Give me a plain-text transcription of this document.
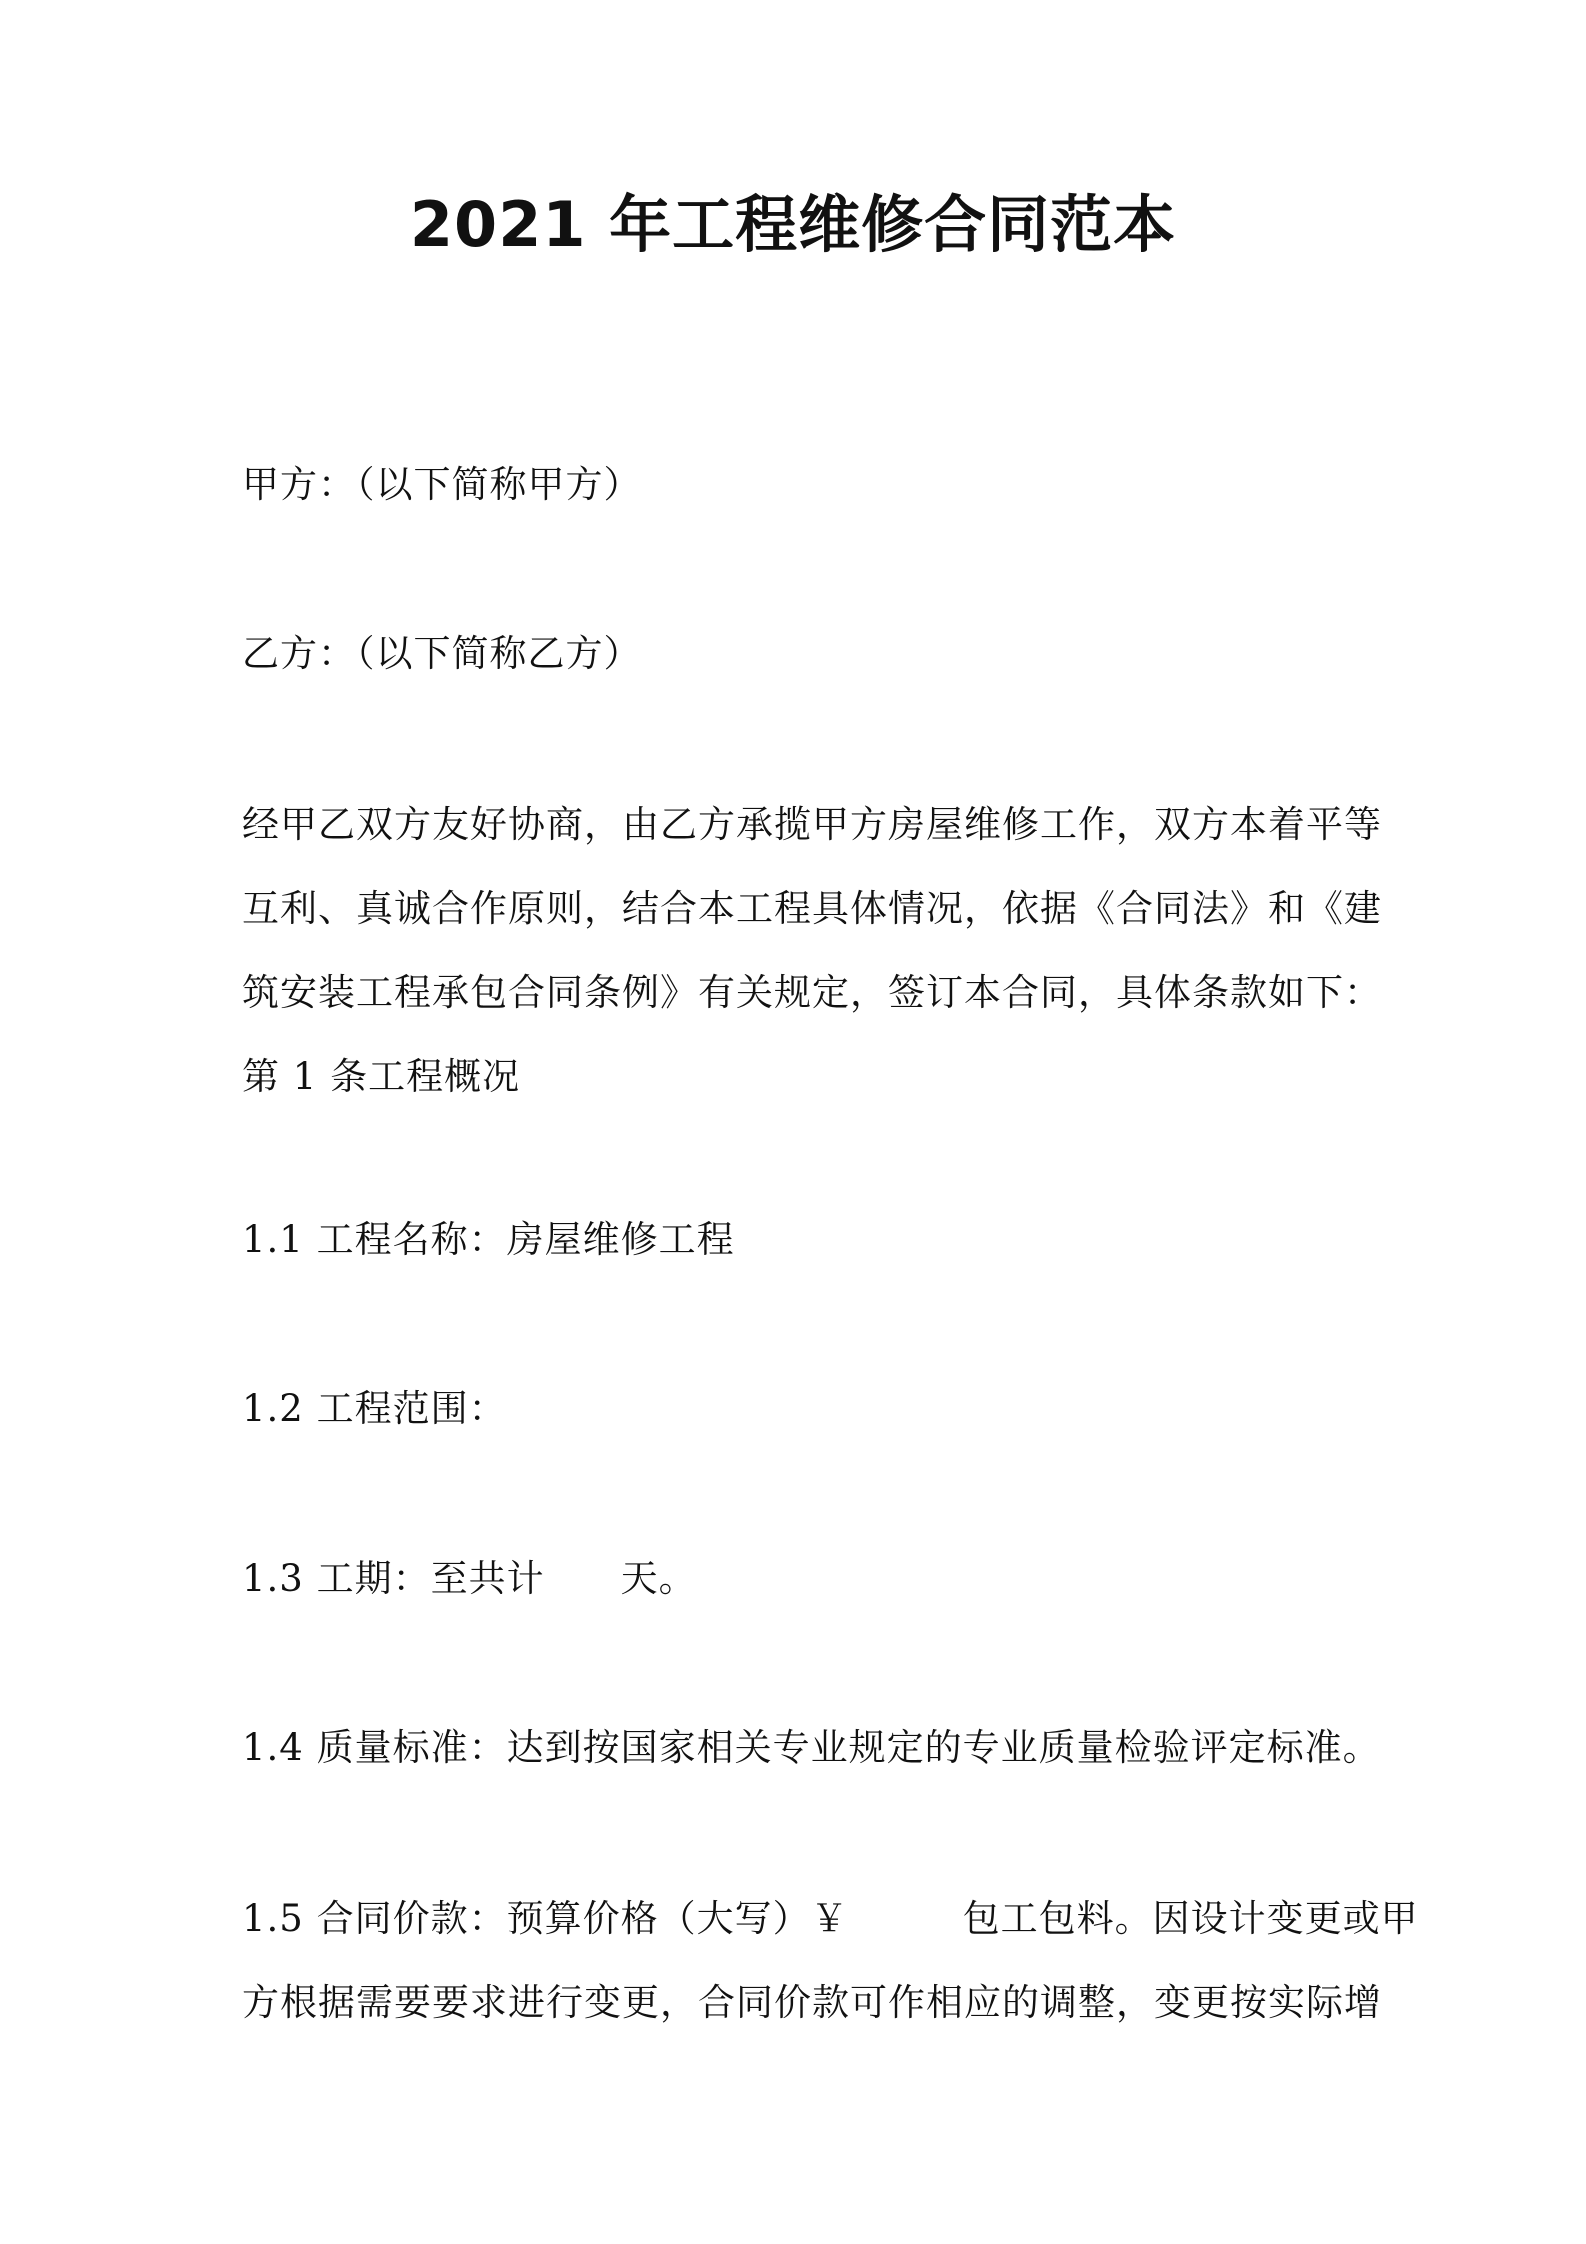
2021 年工程维修合同范本
甲方：（以下简称甲方）
乙方：（以下简称乙方）
经甲乙双方友好协商，由乙方承揽甲方房屋维修工作，双方本着平等
互利、真诚合作原则，结合本工程具体情况，依据《合同法》和《建
筑安装工程承包合同条例》有关规定，签订本合同，具体条款如下：
第 1 条工程概况
1.1 工程名称：房屋维修工程
1.2 工程范围：
1.3 工期：至共计　　天。
1.4 质量标准：达到按国家相关专业规定的专业质量检验评定标准。
1.5 合同价款：预算价格（大写）￥　　　包工包料。因设计变更或甲
方根据需要要求进行变更，合同价款可作相应的调整，变更按实际增
